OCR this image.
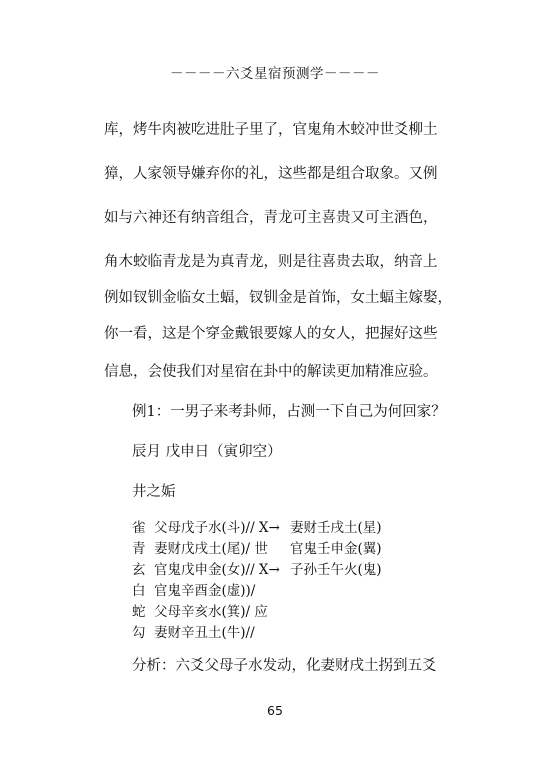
－－－－六爻星宿预测学－－－－
库，烤牛肉被吃进肚子里了，官鬼角木蛟冲世爻柳土
獐，人家领导嫌弃你的礼，这些都是组合取象。又例
如与六神还有纳音组合，青龙可主喜贵又可主酒色，
角木蛟临青龙是为真青龙，则是往喜贵去取，纳音上
例如钗钏金临女土蝠，钗钏金是首饰，女土蝠主嫁娶，
你一看，这是个穿金戴银要嫁人的女人，把握好这些
信息，会使我们对星宿在卦中的解读更加精准应验。
例1：一男子来考卦师，占测一下自己为何回家？
辰月 戊申日（寅卯空）
井之姤
雀 父母戊子水(斗)// X→ 妻财壬戌土(星)
青 妻财戊戌土(尾)/ 世 官鬼壬申金(翼)
玄 官鬼戊申金(女)// X→ 子孙壬午火(鬼)
白 官鬼辛酉金(虚))/
蛇 父母辛亥水(箕)/ 应
勾 妻财辛丑土(牛)//
分析：六爻父母子水发动，化妻财戌土拐到五爻
65
